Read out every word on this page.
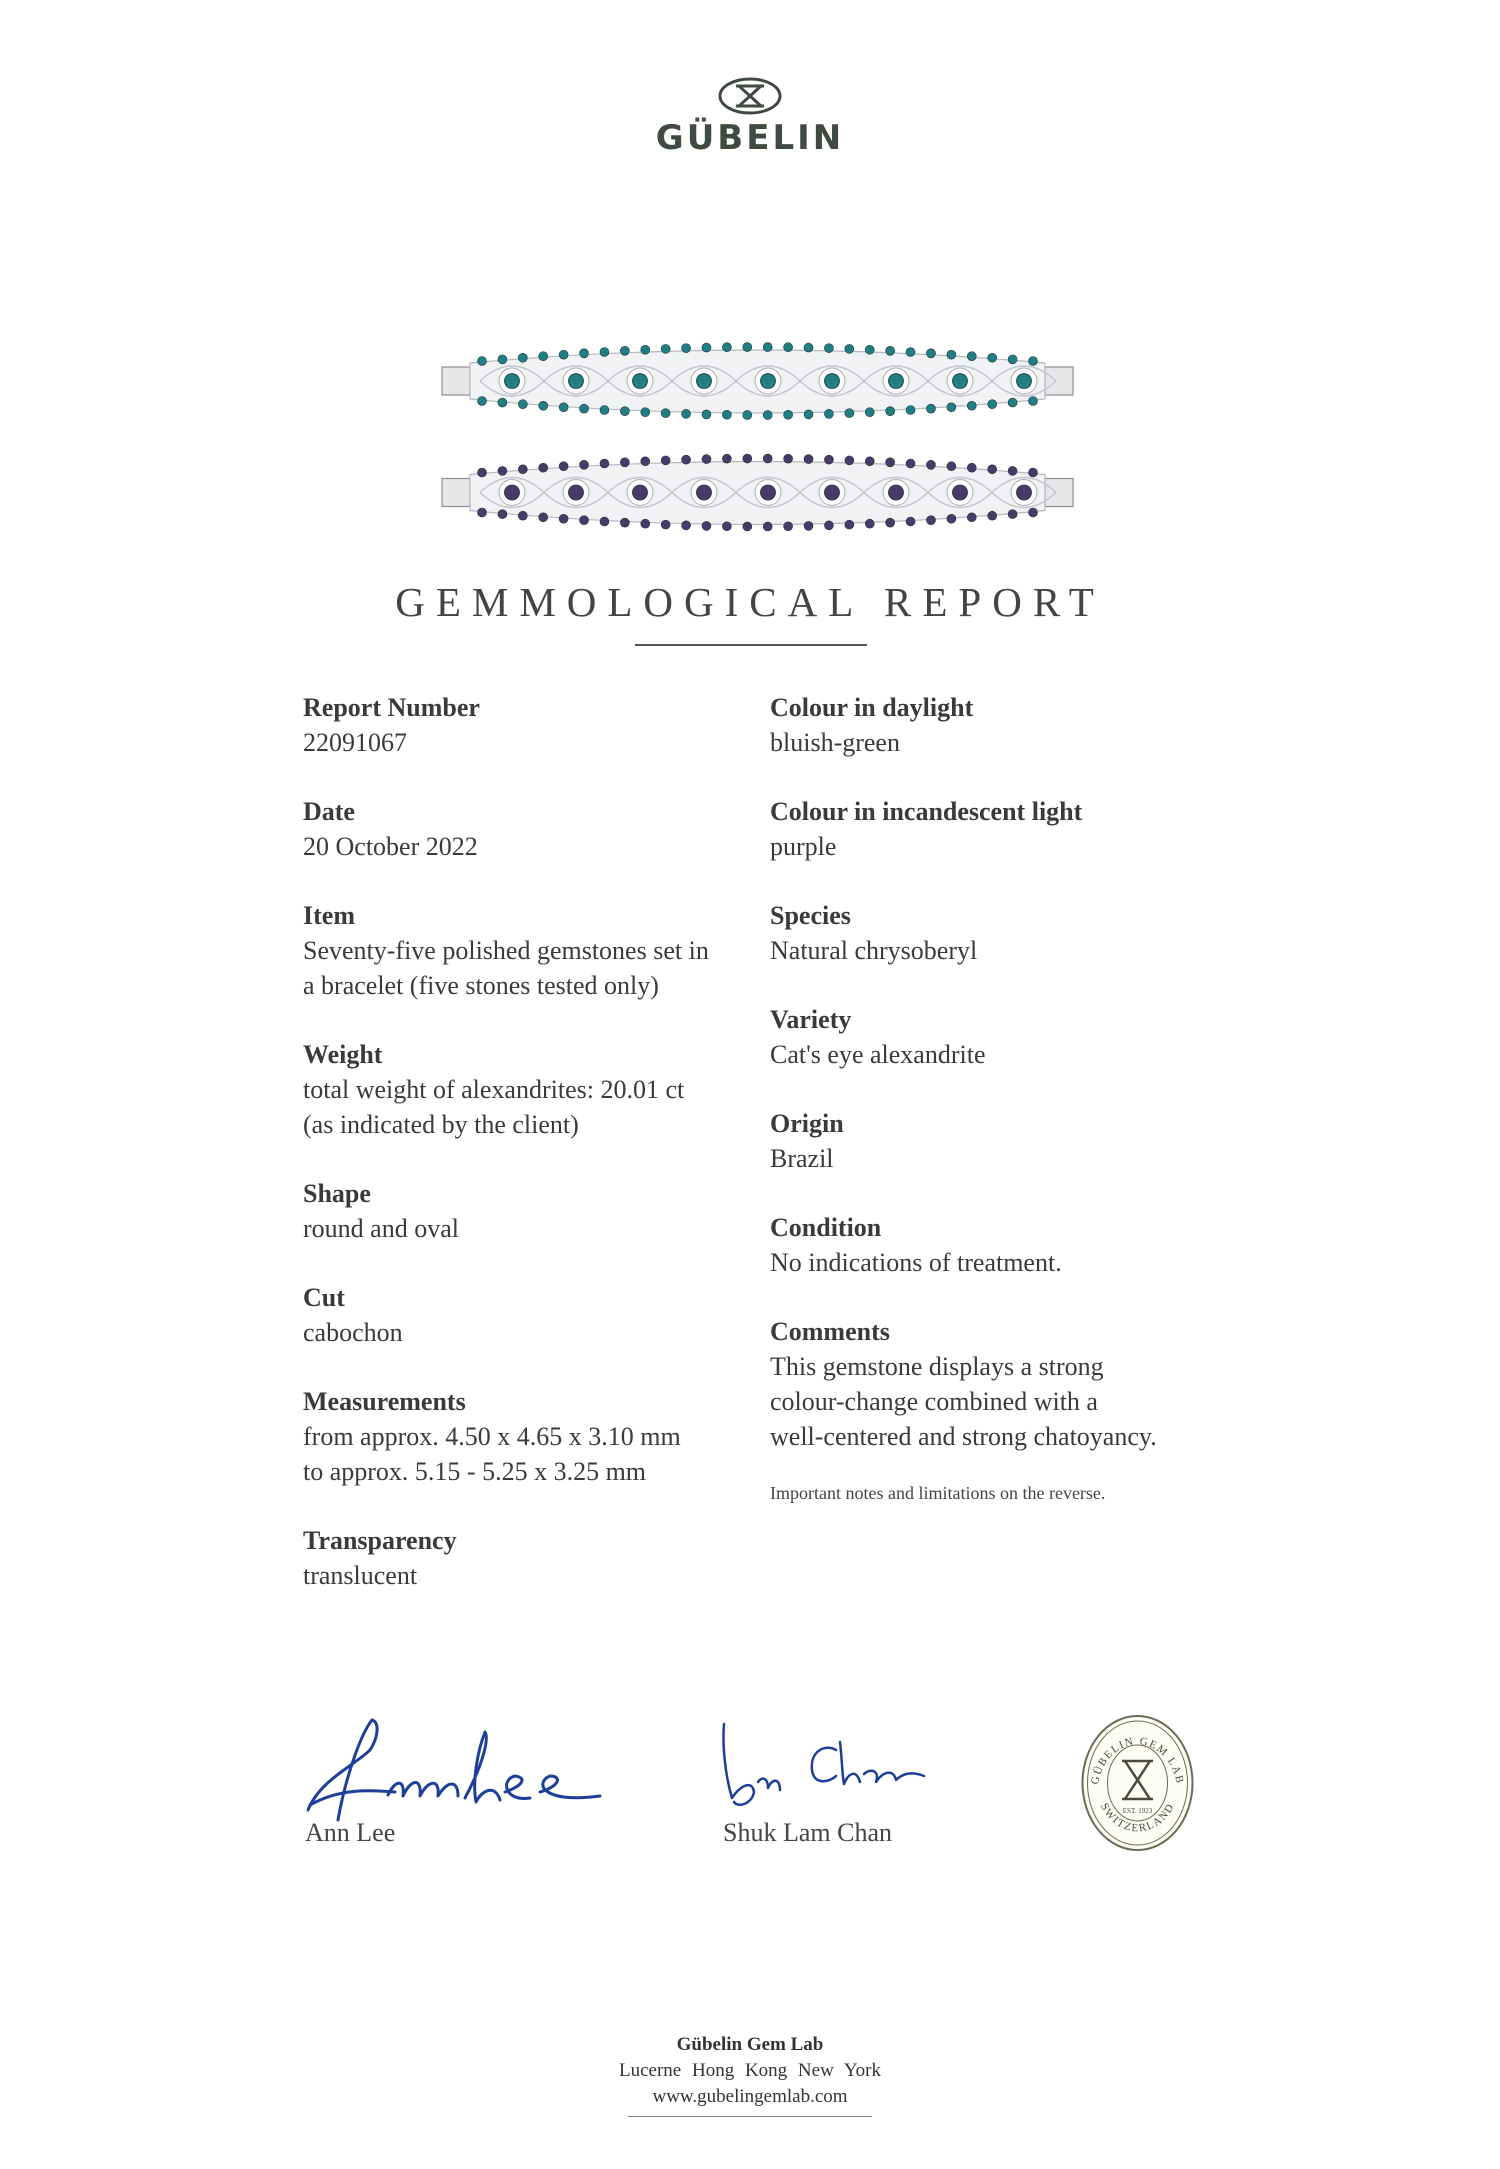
GÜBELIN
GEMMOLOGICAL REPORT
Report Number
22091067
Date
20 October 2022
Item
Seventy-five polished gemstones set in
a bracelet (five stones tested only)
Weight
total weight of alexandrites: 20.01 ct
(as indicated by the client)
Shape
round and oval
Cut
cabochon
Measurements
from approx. 4.50 x 4.65 x 3.10 mm
to approx. 5.15 - 5.25 x 3.25 mm
Transparency
translucent
Colour in daylight
bluish-green
Colour in incandescent light
purple
Species
Natural chrysoberyl
Variety
Cat's eye alexandrite
Origin
Brazil
Condition
No indications of treatment.
Comments
This gemstone displays a strong
colour-change combined with a
well-centered and strong chatoyancy.
Important notes and limitations on the reverse.
Ann Lee	Shuk Lam Chan
GÜBELIN GEM LAB
SWITZERLAND
EST. 1923
Gübelin Gem Lab
Lucerne Hong Kong New York
www.gubelingemlab.com
